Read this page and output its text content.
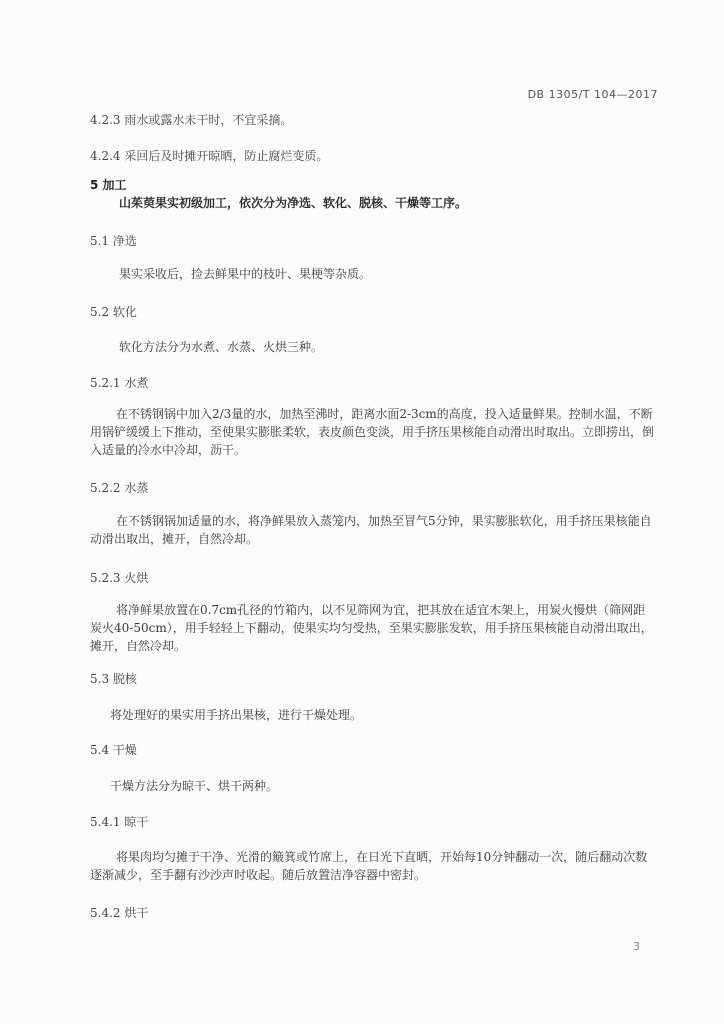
DB 1305/T 104—2017
4.2.3 雨水或露水未干时，不宜采摘。
4.2.4 采回后及时摊开晾晒，防止腐烂变质。
5 加工
山茱萸果实初级加工，依次分为净选、软化、脱核、干燥等工序。
5.1 净选
果实采收后，捡去鲜果中的枝叶、果梗等杂质。
5.2 软化
软化方法分为水煮、水蒸、火烘三种。
5.2.1 水煮
在不锈钢锅中加入2/3量的水，加热至沸时，距离水面2-3cm的高度，投入适量鲜果。控制水温，不断用锅铲缓缓上下推动，至使果实膨胀柔软，表皮颜色变淡，用手挤压果核能自动滑出时取出。立即捞出，倒入适量的冷水中冷却，沥干。
5.2.2 水蒸
在不锈钢锅加适量的水，将净鲜果放入蒸笼内，加热至冒气5分钟，果实膨胀软化，用手挤压果核能自动滑出取出，摊开，自然冷却。
5.2.3 火烘
将净鲜果放置在0.7cm孔径的竹箱内，以不见筛网为宜，把其放在适宜木架上，用炭火慢烘（筛网距炭火40-50cm），用手轻轻上下翻动，使果实均匀受热，至果实膨胀发软，用手挤压果核能自动滑出取出，摊开，自然冷却。
5.3 脱核
将处理好的果实用手挤出果核，进行干燥处理。
5.4 干燥
干燥方法分为晾干、烘干两种。
5.4.1 晾干
将果肉均匀摊于干净、光滑的簸箕或竹席上，在日光下直晒，开始每10分钟翻动一次，随后翻动次数逐渐减少，至手翻有沙沙声时收起。随后放置洁净容器中密封。
5.4.2 烘干
3
